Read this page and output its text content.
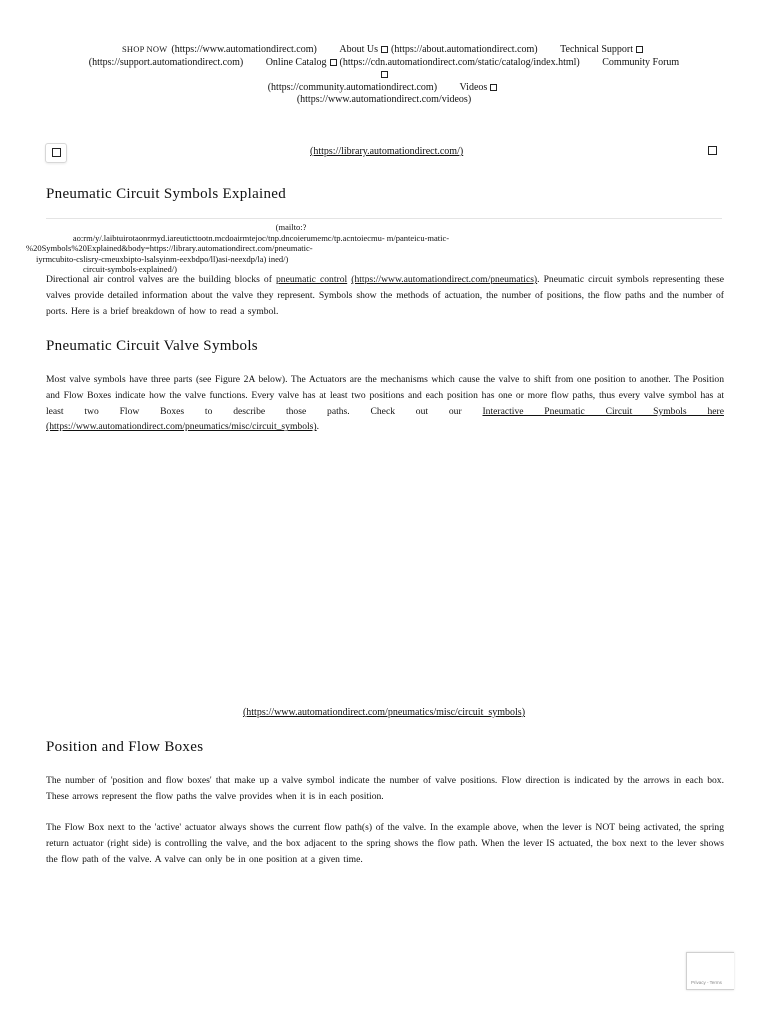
SHOP NOW (https://www.automationdirect.com) About Us (https://about.automationdirect.com) Technical Support
(https://support.automationdirect.com) Online Catalog (https://cdn.automationdirect.com/static/catalog/index.html) Community Forum

(https://community.automationdirect.com) Videos
(https://www.automationdirect.com/videos)
(https://library.automationdirect.com/)
Pneumatic Circuit Symbols Explained
(mailto:?
ao:rm/y/.laibtuirotaonrmyd.iareuticttootn.mcdoairmtejoc/tnp.dncoierumemc/tp.acntoiecmu- m/panteicu-matic-
%20Symbols%20Explained&body=https://library.automationdirect.com/pneumatic-
iyrmcubito-cslisry-cmeuxbipto-lsalsyinm-eexbdpo/ll)asi-neexdp/la) ined/)
circuit-symbols-explained/)

Directional air control valves are the building blocks of pneumatic control (https://www.automationdirect.com/pneumatics). Pneumatic circuit symbols representing these valves provide detailed information about the valve they represent. Symbols show the methods of actuation, the number of positions, the flow paths and the number of ports. Here is a brief breakdown of how to read a symbol.

Pneumatic Circuit Valve Symbols

Most valve symbols have three parts (see Figure 2A below). The Actuators are the mechanisms which cause the valve to shift from one position to another. The Position and Flow Boxes indicate how the valve functions. Every valve has at least two positions and each position has one or more flow paths, thus every valve symbol has at least two Flow Boxes to describe those paths. Check out our Interactive Pneumatic Circuit Symbols here (https://www.automationdirect.com/pneumatics/misc/circuit_symbols).

(https://www.automationdirect.com/pneumatics/misc/circuit_symbols)
Position and Flow Boxes

The number of 'position and flow boxes' that make up a valve symbol indicate the number of valve positions. Flow direction is indicated by the arrows in each box. These arrows represent the flow paths the valve provides when it is in each position.

The Flow Box next to the 'active' actuator always shows the current flow path(s) of the valve. In the example above, when the lever is NOT being activated, the spring return actuator (right side) is controlling the valve, and the box adjacent to the spring shows the flow path. When the lever IS actuated, the box next to the lever shows the flow path of the valve. A valve can only be in one position at a given time.

Privacy - Terms
